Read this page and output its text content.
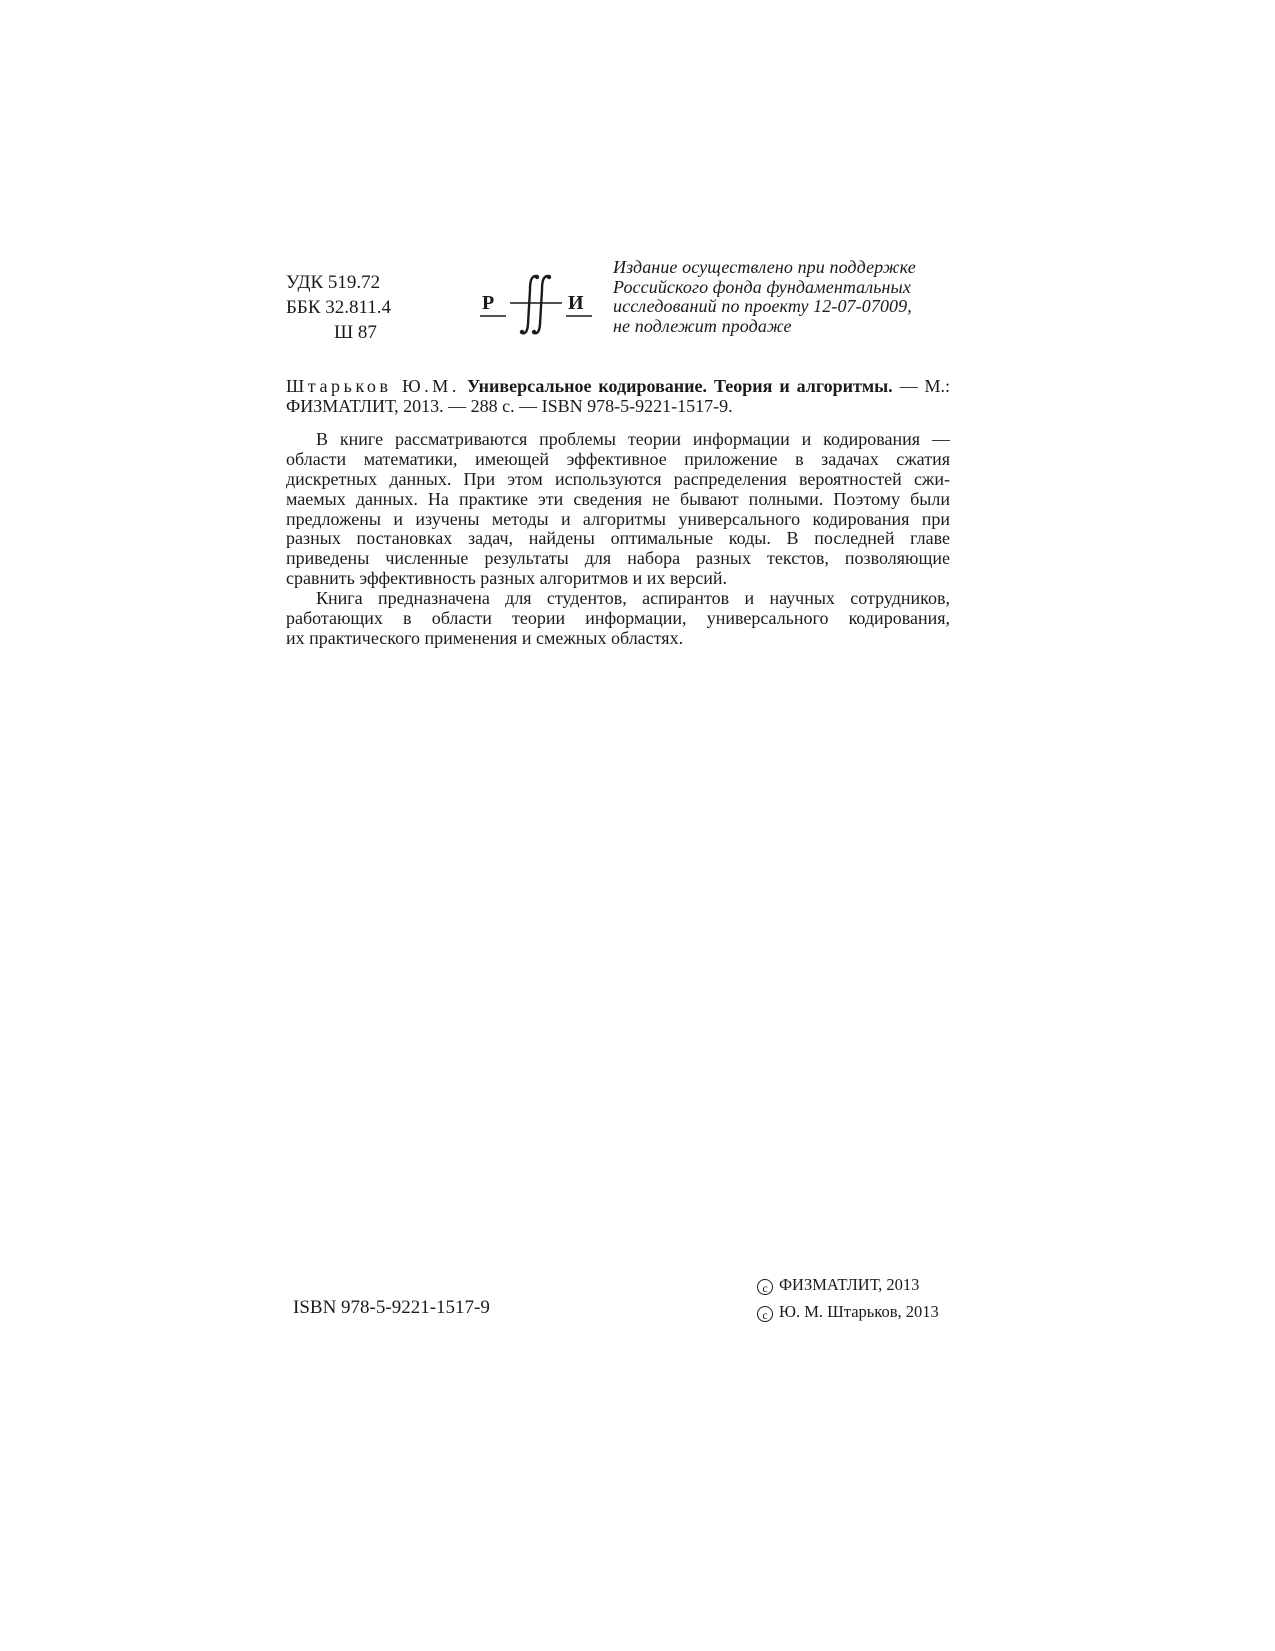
УДК 519.72
ББК 32.811.4
Ш 87
Р	И
Издание осуществлено при поддержке
Российского фонда фундаментальных
исследований по проекту 12-07-07009,
не подлежит продаже
Штарьков Ю.М. Универсальное кодирование. Теория и алгоритмы. — М.: ФИЗМАТЛИТ, 2013. — 288 с. — ISBN 978-5-9221-1517-9.
В книге рассматриваются проблемы теории информации и кодирования —
области математики, имеющей эффективное приложение в задачах сжатия
дискретных данных. При этом используются распределения вероятностей сжи-
маемых данных. На практике эти сведения не бывают полными. Поэтому были
предложены и изучены методы и алгоритмы универсального кодирования при
разных постановках задач, найдены оптимальные коды. В последней главе
приведены численные результаты для набора разных текстов, позволяющие
сравнить эффективность разных алгоритмов и их версий.
Книга предназначена для студентов, аспирантов и научных сотрудников,
работающих в области теории информации, универсального кодирования,
их практического применения и смежных областях.
ISBN 978-5-9221-1517-9
c ФИЗМАТЛИТ, 2013
c Ю. М. Штарьков, 2013
